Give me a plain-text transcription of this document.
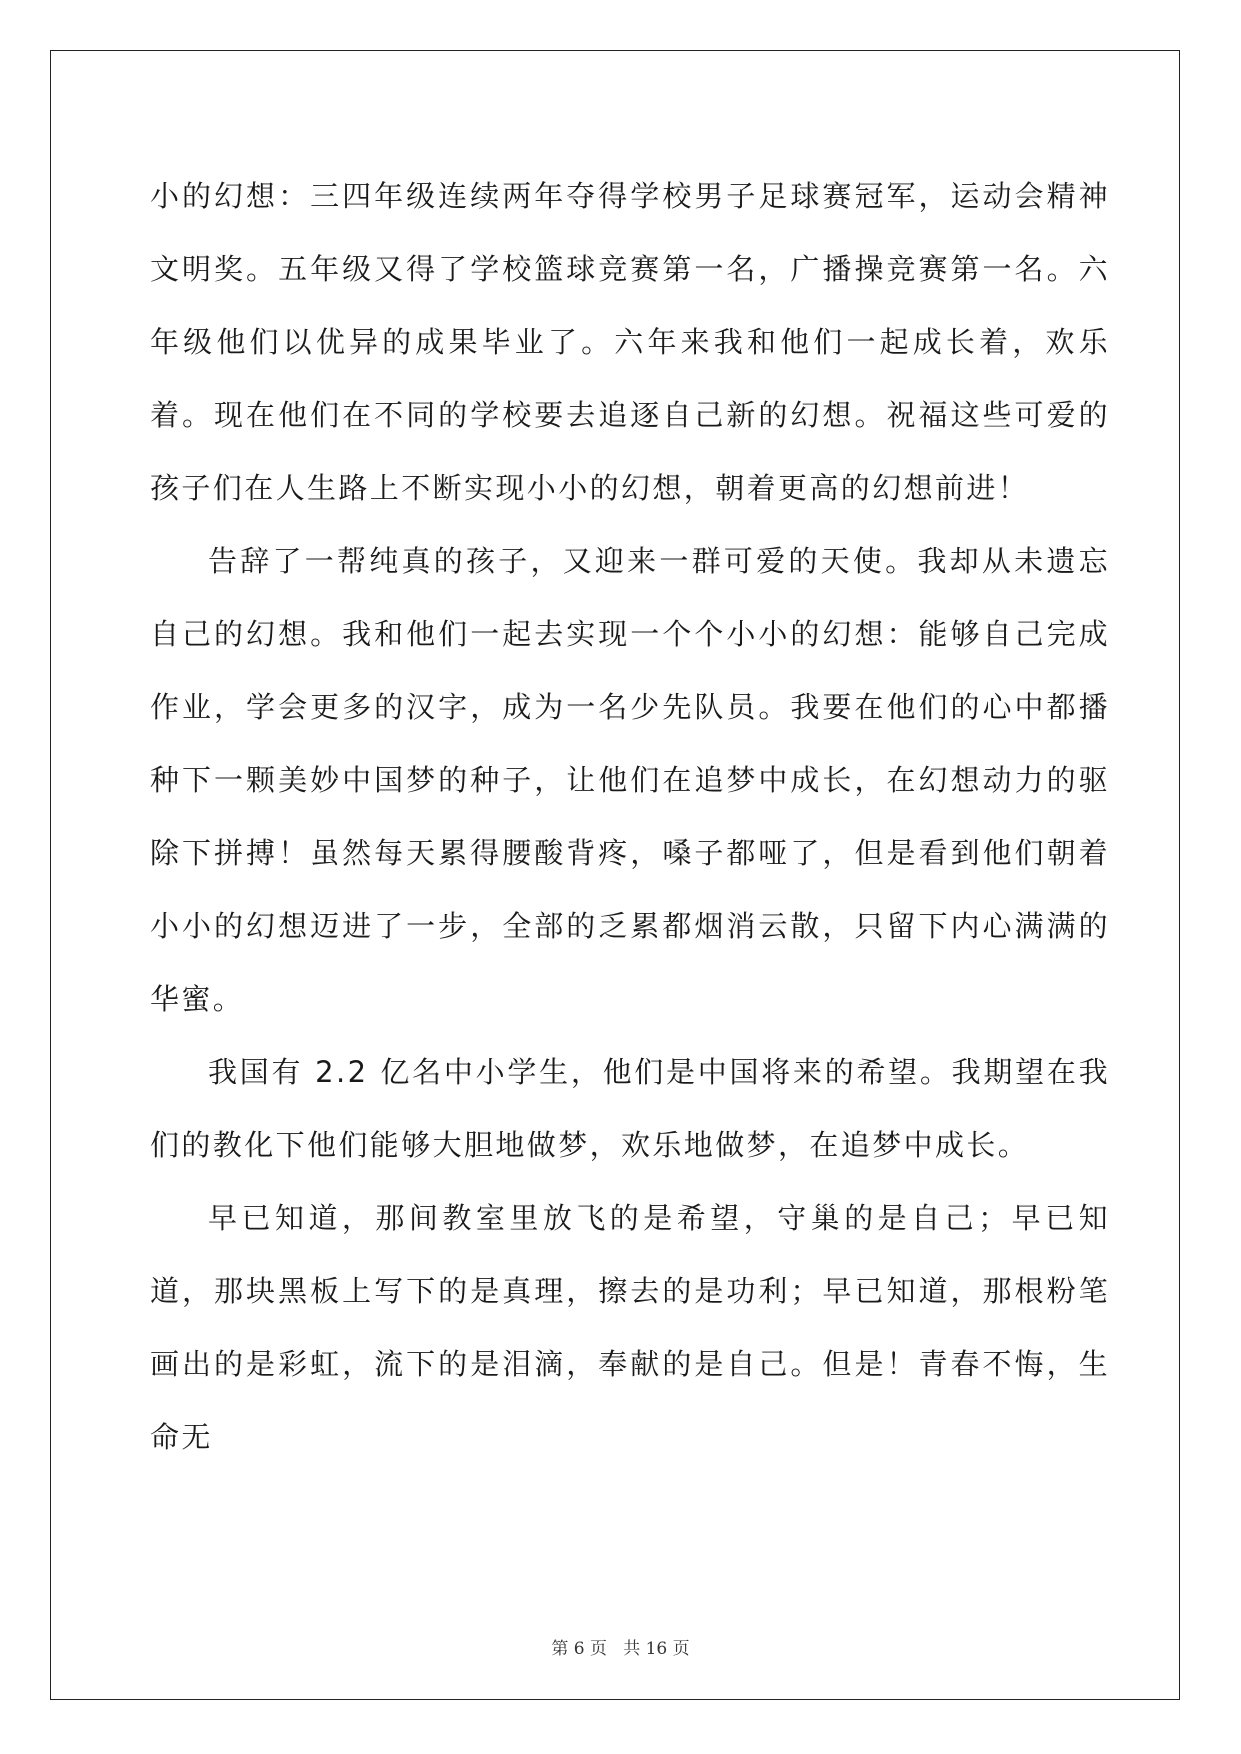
小的幻想：三四年级连续两年夺得学校男子足球赛冠军，运动会精神文明奖。五年级又得了学校篮球竞赛第一名，广播操竞赛第一名。六年级他们以优异的成果毕业了。六年来我和他们一起成长着，欢乐着。现在他们在不同的学校要去追逐自己新的幻想。祝福这些可爱的孩子们在人生路上不断实现小小的幻想，朝着更高的幻想前进！

告辞了一帮纯真的孩子，又迎来一群可爱的天使。我却从未遗忘自己的幻想。我和他们一起去实现一个个小小的幻想：能够自己完成作业，学会更多的汉字，成为一名少先队员。我要在他们的心中都播种下一颗美妙中国梦的种子，让他们在追梦中成长，在幻想动力的驱除下拼搏！虽然每天累得腰酸背疼，嗓子都哑了，但是看到他们朝着小小的幻想迈进了一步，全部的乏累都烟消云散，只留下内心满满的华蜜。

我国有 2.2 亿名中小学生，他们是中国将来的希望。我期望在我们的教化下他们能够大胆地做梦，欢乐地做梦，在追梦中成长。

早已知道，那间教室里放飞的是希望，守巢的是自己；早已知道，那块黑板上写下的是真理，擦去的是功利；早已知道，那根粉笔画出的是彩虹，流下的是泪滴，奉献的是自己。但是！青春不悔，生命无

第 6 页   共 16 页
